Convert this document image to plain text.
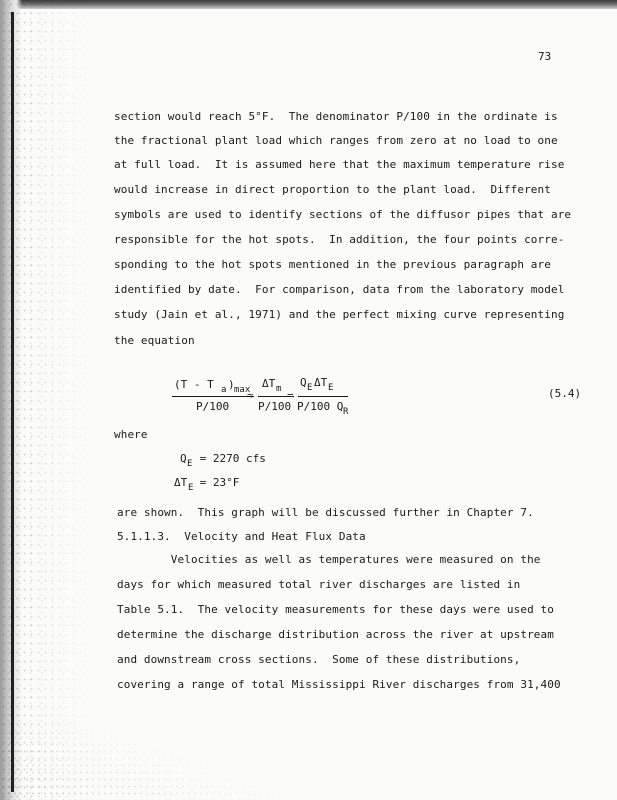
73
section would reach 5°F.  The denominator P/100 in the ordinate is
the fractional plant load which ranges from zero at no load to one
at full load.  It is assumed here that the maximum temperature rise
would increase in direct proportion to the plant load.  Different
symbols are used to identify sections of the diffusor pipes that are
responsible for the hot spots.  In addition, the four points corre-
sponding to the hot spots mentioned in the previous paragraph are
identified by date.  For comparison, data from the laboratory model
study (Jain et al., 1971) and the perfect mixing curve representing
the equation
(T - T a ) max
P/100
≈
ΔT m
P/100
=
Q E ΔT E
P/100 Q R
(5.4)
where
Q E = 2270 cfs
ΔT E = 23°F
are shown.  This graph will be discussed further in Chapter 7.
5.1.1.3.  Velocity and Heat Flux Data
Velocities as well as temperatures were measured on the
days for which measured total river discharges are listed in
Table 5.1.  The velocity measurements for these days were used to
determine the discharge distribution across the river at upstream
and downstream cross sections.  Some of these distributions,
covering a range of total Mississippi River discharges from 31,400
